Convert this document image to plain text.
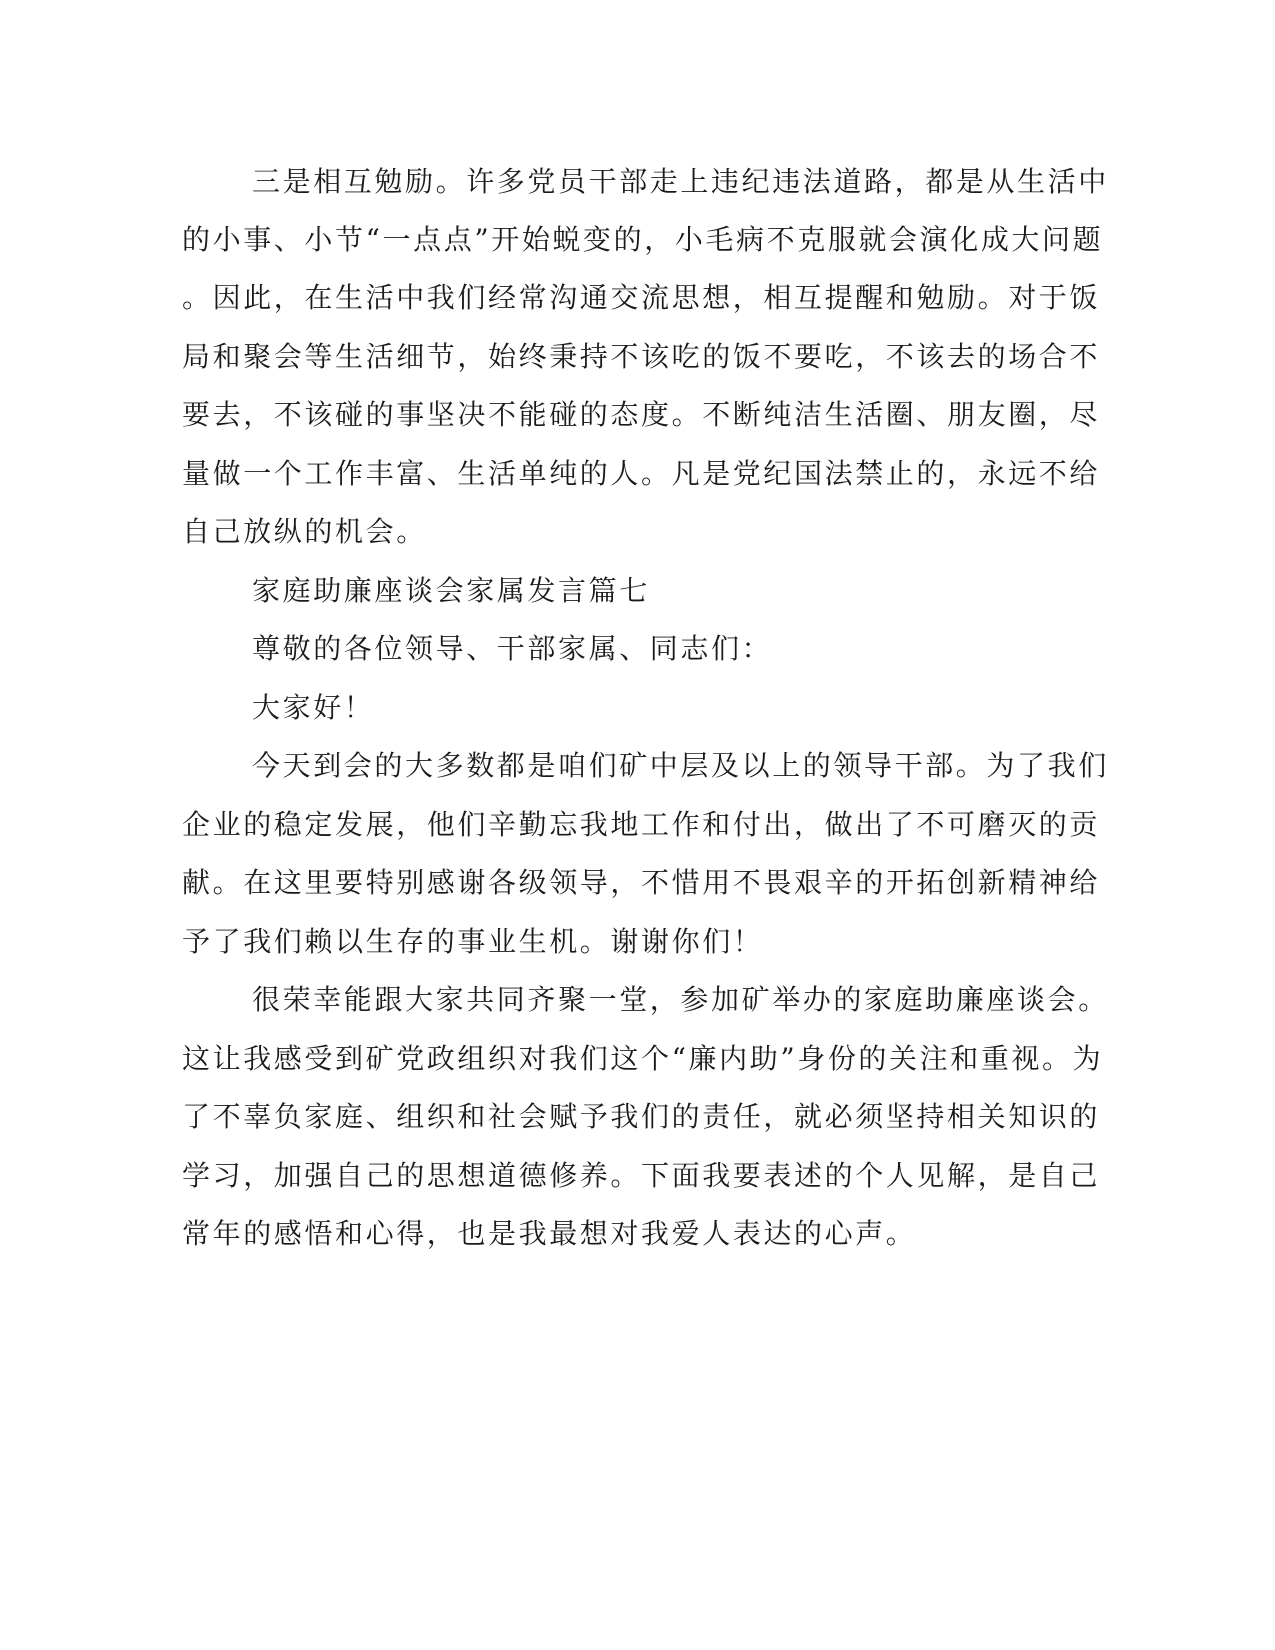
三是相互勉励。许多党员干部走上违纪违法道路，都是从生活中
的小事、小节“一点点”开始蜕变的，小毛病不克服就会演化成大问题
。因此，在生活中我们经常沟通交流思想，相互提醒和勉励。对于饭
局和聚会等生活细节，始终秉持不该吃的饭不要吃，不该去的场合不
要去，不该碰的事坚决不能碰的态度。不断纯洁生活圈、朋友圈，尽
量做一个工作丰富、生活单纯的人。凡是党纪国法禁止的，永远不给
自己放纵的机会。
家庭助廉座谈会家属发言篇七
尊敬的各位领导、干部家属、同志们：
大家好！
今天到会的大多数都是咱们矿中层及以上的领导干部。为了我们
企业的稳定发展，他们辛勤忘我地工作和付出，做出了不可磨灭的贡
献。在这里要特别感谢各级领导，不惜用不畏艰辛的开拓创新精神给
予了我们赖以生存的事业生机。谢谢你们！
很荣幸能跟大家共同齐聚一堂，参加矿举办的家庭助廉座谈会。
这让我感受到矿党政组织对我们这个“廉内助”身份的关注和重视。为
了不辜负家庭、组织和社会赋予我们的责任，就必须坚持相关知识的
学习，加强自己的思想道德修养。下面我要表述的个人见解，是自己
常年的感悟和心得，也是我最想对我爱人表达的心声。
